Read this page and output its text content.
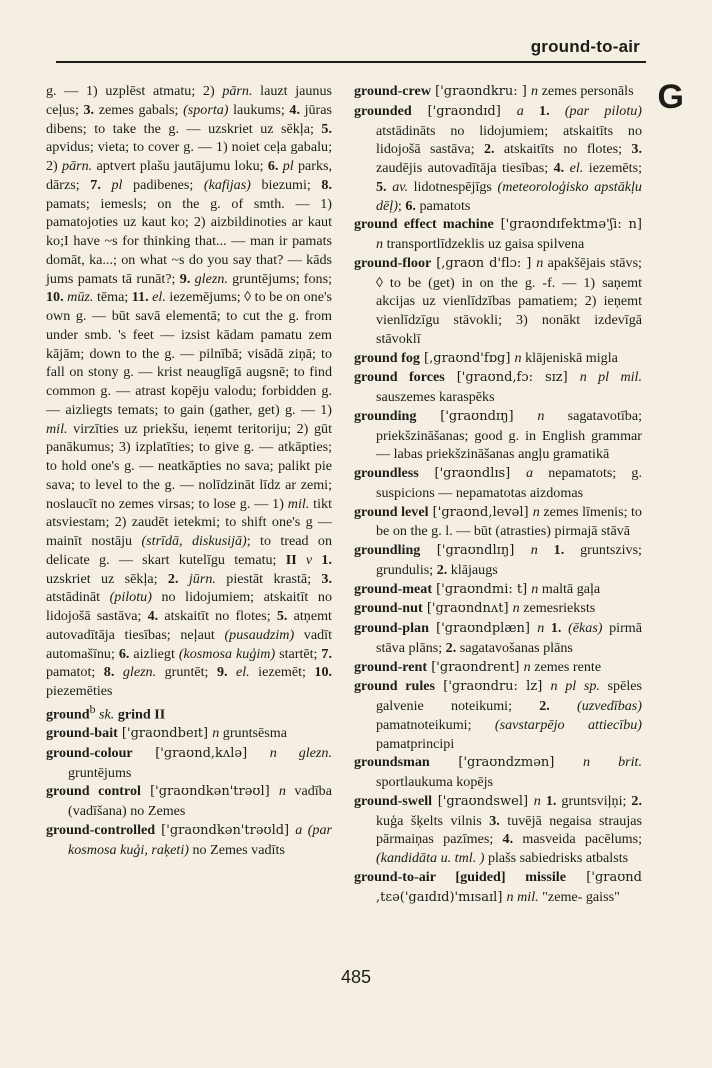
ground-to-air
G

g. — 1) uzplēst atmatu; 2) pārn. lauzt jaunus ceļus; 3. zemes gabals; (sporta) laukums; 4. jūras dibens; to take the g. — uzskriet uz sēkļa; 5. apvidus; vieta; to cover g. — 1) noiet ceļa gabalu; 2) pārn. aptvert plašu jautājumu loku; 6. pl parks, dārzs; 7. pl padibenes; (kafijas) biezumi; 8. pamats; iemesls; on the g. of smth. — 1) pamatojoties uz kaut ko; 2) aizbildinoties ar kaut ko;I have ~s for thinking that... — man ir pamats domāt, ka...; on what ~s do you say that? — kāds jums pamats tā runāt?; 9. glezn. gruntējums; fons; 10. mūz. tēma; 11. el. iezemējums; ◊ to be on one's own g. — būt savā elementā; to cut the g. from under smb. 's feet — izsist kādam pamatu zem kājām; down to the g. — pilnībā; visādā ziņā; to fall on stony g. — krist neauglīgā augsnē; to find common g. — atrast kopēju valodu; forbidden g. — aizliegts temats; to gain (gather, get) g. — 1) mil. virzīties uz priekšu, ieņemt teritoriju; 2) gūt panākumus; 3) izplatīties; to give g. — atkāpties; to hold one's g. — neatkāpties no sava; palikt pie sava; to level to the g. — nolīdzināt līdz ar zemi; noslaucīt no zemes virsas; to lose g. — 1) mil. tikt atsviestam; 2) zaudēt ietekmi; to shift one's g — mainīt nostāju (strīdā, diskusijā); to tread on delicate g. — skart kutelīgu tematu; II v 1. uzskriet uz sēkļa; 2. jūrn. piestāt krastā; 3. atstādināt (pilotu) no lidojumiem; atskaitīt no lidojošā sastāva; 4. atskaitīt no flotes; 5. atņemt autovadītāja tiesības; neļaut (pusaudzim) vadīt automašīnu; 6. aizliegt (kosmosa kuģim) startēt; 7. pamatot; 8. glezn. gruntēt; 9. el. iezemēt; 10. piezemēties

ground$^b$ sk. grind II

ground-bait ['graʊndbeɪt] n gruntsēsma

ground-colour ['graʊnd,kʌlə] n glezn. gruntējums

ground control ['graʊndkən'trəʊl] n vadība (vadīšana) no Zemes

ground-controlled ['graʊndkən'trəʊld] a (par kosmosa kuģi, raķeti) no Zemes vadīts

ground-crew ['graʊndkru: ] n zemes personāls

grounded ['graʊndɪd] a 1. (par pilotu) atstādināts no lidojumiem; atskaitīts no lidojošā sastāva; 2. atskaitīts no flotes; 3. zaudējis autovadītāja tiesības; 4. el. iezemēts; 5. av. lidotnespējīgs (meteoroloģisko apstākļu dēļ); 6. pamatots

ground effect machine ['graʊndɪfektmə'ʃi: n] n transportlīdzeklis uz gaisa spilvena

ground-floor [,graʊn d'flɔ: ] n apakšējais stāvs; ◊ to be (get) in on the g. -f. — 1) saņemt akcijas uz vienlīdzības pamatiem; 2) ieņemt vienlīdzīgu stāvokli; 3) nonākt izdevīgā stāvoklī

ground fog [,graʊnd'fɒg] n klājeniskā migla

ground forces ['graʊnd,fɔ: sɪz] n pl mil. sauszemes karaspēks

grounding ['graʊndɪŋ] n sagatavotība; priekšzināšanas; good g. in English grammar — labas priekšzināšanas angļu gramatikā

groundless ['graʊndlɪs] a nepamatots; g. suspicions — nepamatotas aizdomas

ground level ['graʊnd,levəl] n zemes līmenis; to be on the g. l. — būt (atrasties) pirmajā stāvā

groundling ['graʊndlɪŋ] n 1. gruntszivs; grundulis; 2. klājaugs

ground-meat ['graʊndmi: t] n maltā gaļa

ground-nut ['graʊndnʌt] n zemesrieksts

ground-plan ['graʊndplæn] n 1. (ēkas) pirmā stāva plāns; 2. sagatavošanas plāns

ground-rent ['graʊndrent] n zemes rente

ground rules ['graʊndru: lz] n pl sp. spēles galvenie noteikumi; 2. (uzvedības) pamatnoteikumi; (savstarpējo attiecību) pamatprincipi

groundsman ['graʊndzmən] n brit. sportlaukuma kopējs

ground-swell ['graʊndswel] n 1. gruntsviļņi; 2. kuģa šķelts vilnis 3. tuvējā negaisa straujas pārmaiņas pazīmes; 4. masveida pacēlums; (kandidāta u. tml. ) plašs sabiedrisks atbalsts

ground-to-air [guided] missile ['graʊnd ,tɛə('gaɪdɪd)'mɪsaɪl] n mil. "zeme- gaiss"

485
